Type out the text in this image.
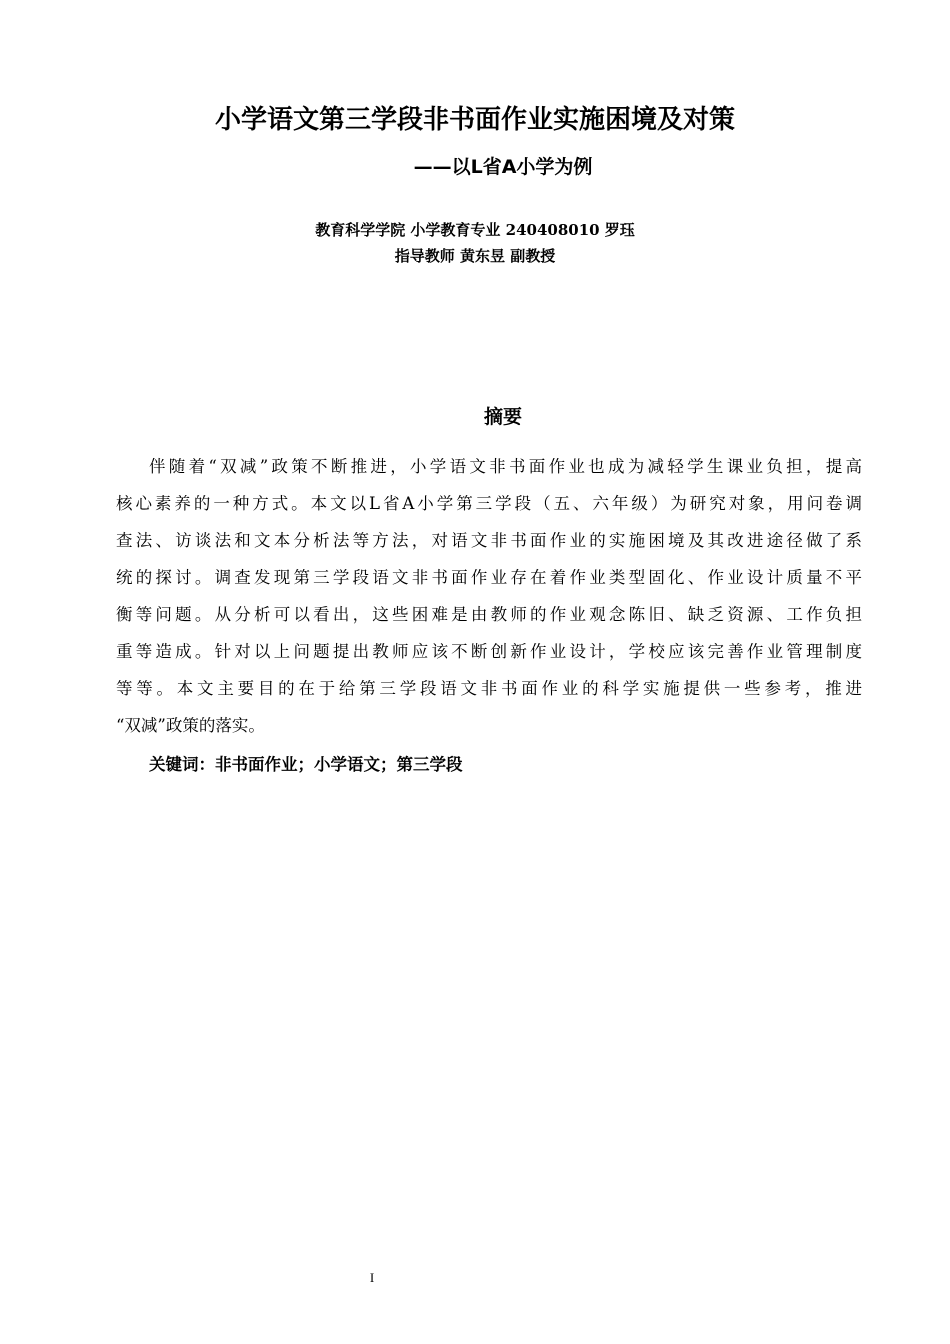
小学语文第三学段非书面作业实施困境及对策
——以L省A小学为例
教育科学学院 小学教育专业 240408010 罗珏
指导教师 黄东昱 副教授
摘要
伴随着“双减”政策不断推进，小学语文非书面作业也成为减轻学生课业负担，提高
核心素养的一种方式。本文以L省A小学第三学段（五、六年级）为研究对象，用问卷调
查法、访谈法和文本分析法等方法，对语文非书面作业的实施困境及其改进途径做了系
统的探讨。调查发现第三学段语文非书面作业存在着作业类型固化、作业设计质量不平
衡等问题。从分析可以看出，这些困难是由教师的作业观念陈旧、缺乏资源、工作负担
重等造成。针对以上问题提出教师应该不断创新作业设计，学校应该完善作业管理制度
等等。本文主要目的在于给第三学段语文非书面作业的科学实施提供一些参考，推进
“双减”政策的落实。
关键词：非书面作业；小学语文；第三学段
I
